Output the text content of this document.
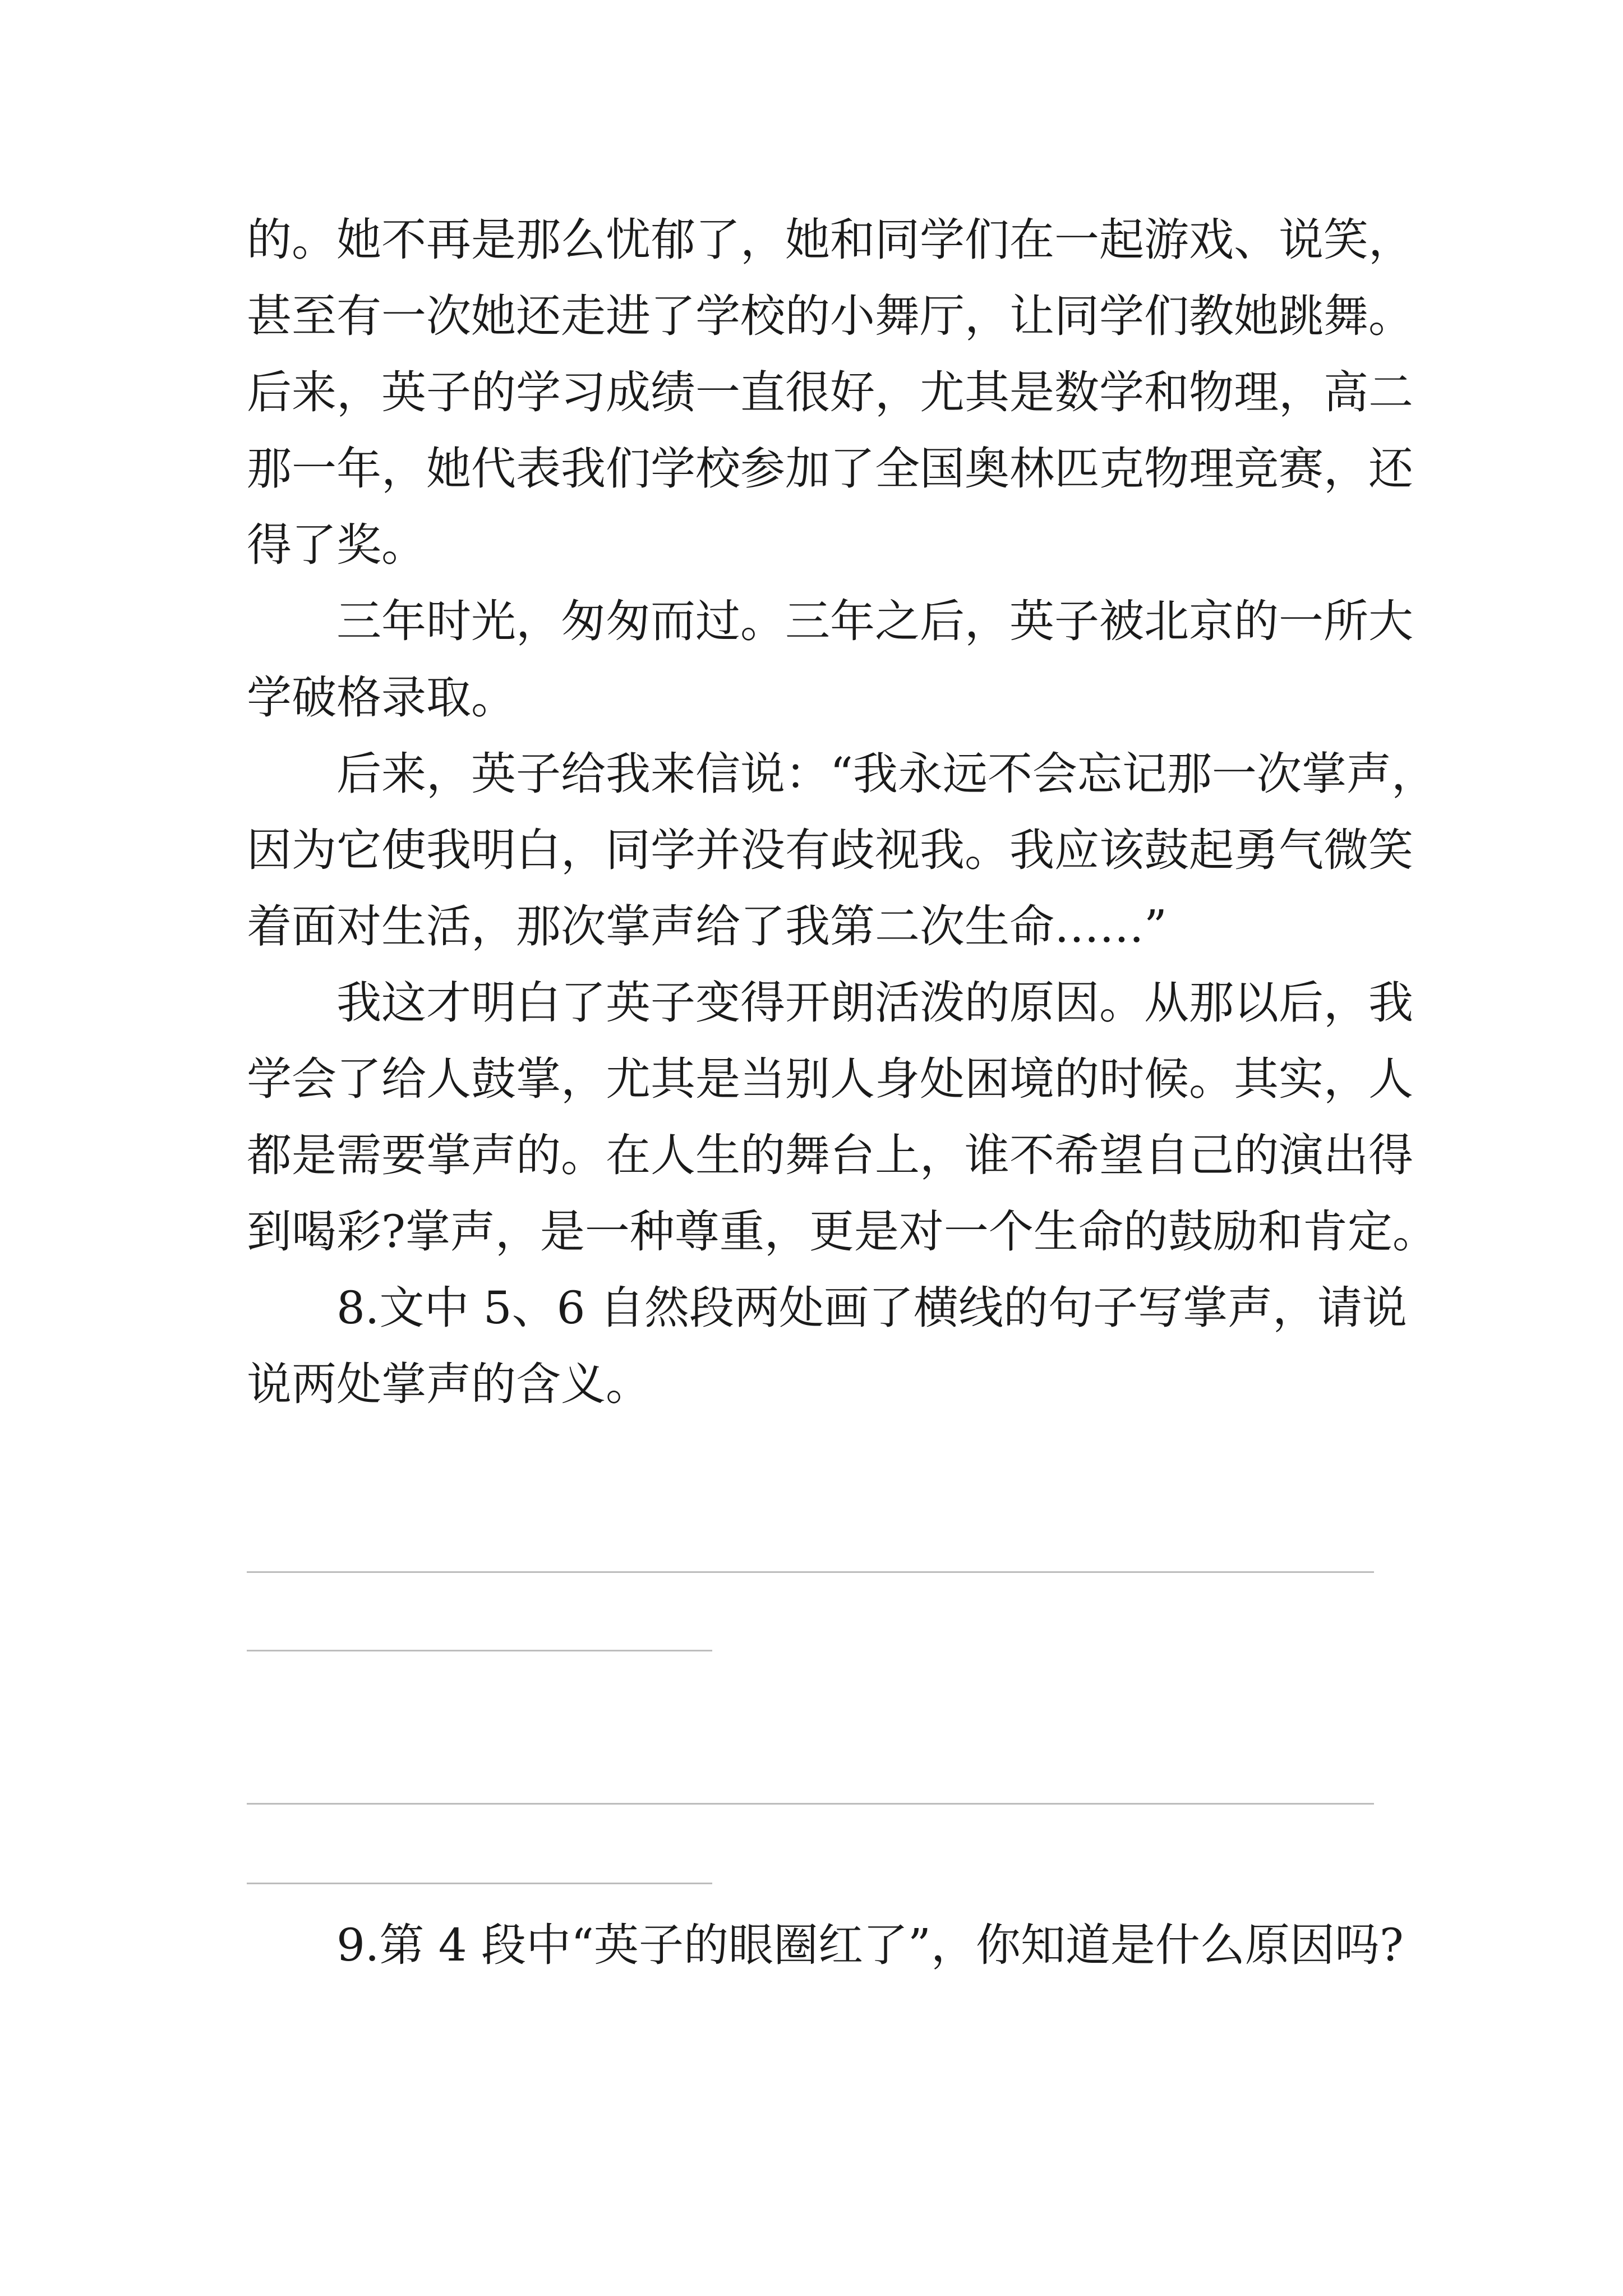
的。她不再是那么忧郁了，她和同学们在一起游戏、说笑，
甚至有一次她还走进了学校的小舞厅，让同学们教她跳舞。
后来，英子的学习成绩一直很好，尤其是数学和物理，高二
那一年，她代表我们学校参加了全国奥林匹克物理竞赛，还
得了奖。
三年时光，匆匆而过。三年之后，英子被北京的一所大
学破格录取。
后来，英子给我来信说：“我永远不会忘记那一次掌声，
因为它使我明白，同学并没有歧视我。我应该鼓起勇气微笑
着面对生活，那次掌声给了我第二次生命……”
我这才明白了英子变得开朗活泼的原因。从那以后，我
学会了给人鼓掌，尤其是当别人身处困境的时候。其实，人
都是需要掌声的。在人生的舞台上，谁不希望自己的演出得
到喝彩?掌声，是一种尊重，更是对一个生命的鼓励和肯定。
8.文中 5、6 自然段两处画了横线的句子写掌声，请说
说两处掌声的含义。
9.第 4 段中“英子的眼圈红了”，你知道是什么原因吗?
